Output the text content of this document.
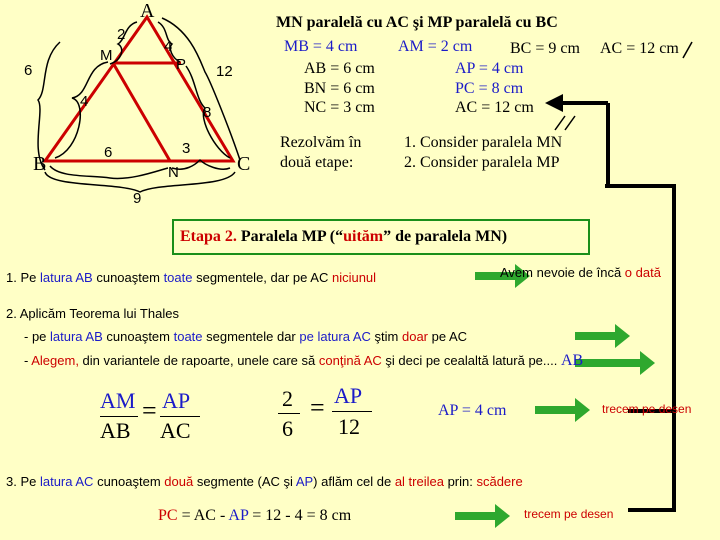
A
B	C
M
P
N
2
4
6	12
4
8
6	3
9
MN paralelă cu AC şi MP paralelă cu BC
MB = 4 cm	AM = 2 cm BC = 9 cm AC = 12 cm
AB = 6 cm	AP = 4 cm
BN = 6 cm	PC = 8 cm
NC = 3 cm	AC = 12 cm
Rezolvăm în
două etape:
1. Consider paralela MN
2. Consider paralela MP
Etapa 2. Paralela MP (“uităm” de paralela MN)
1. Pe latura AB cunoaştem toate segmentele, dar pe AC niciunul	Avem nevoie de încă o dată
2. Aplicăm Teorema lui Thales
- pe latura AB cunoaştem toate segmentele dar pe latura AC ştim doar pe AC
- Alegem, din variantele de rapoarte, unele care să conţină AC şi deci pe cealaltă latură pe.... AB
AM
AB
= AP
AC
2
6
= AP
12
AP = 4 cm	trecem pe desen
3. Pe latura AC cunoaştem două segmente (AC şi AP) aflăm cel de al treilea prin: scădere
PC = AC - AP = 12 - 4 = 8 cm	trecem pe desen
